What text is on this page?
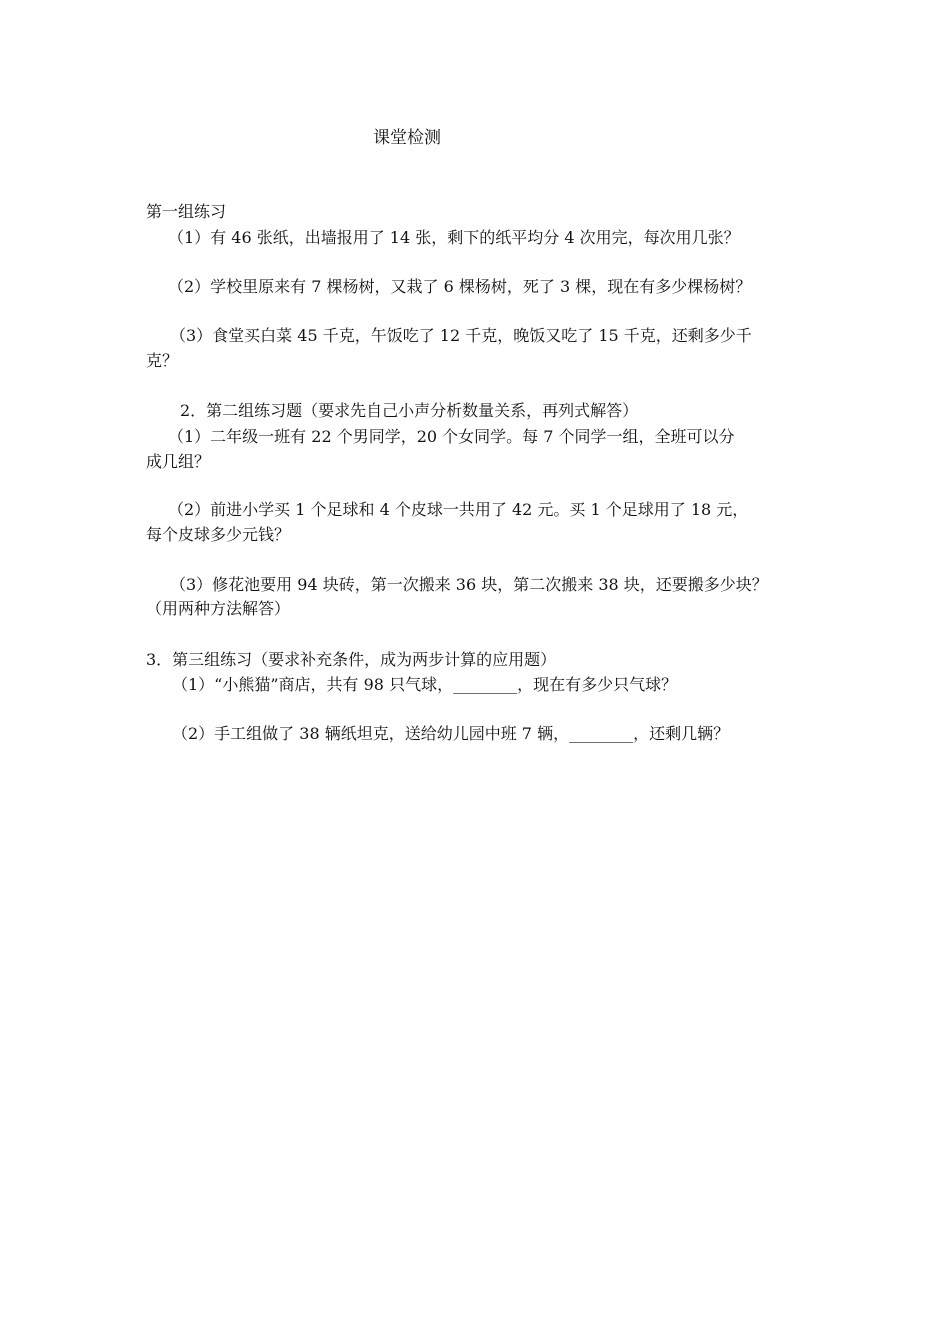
课堂检测

第一组练习

（1）有 46 张纸，出墙报用了 14 张，剩下的纸平均分 4 次用完，每次用几张？

（2）学校里原来有 7 棵杨树，又栽了 6 棵杨树，死了 3 棵，现在有多少棵杨树？

（3）食堂买白菜 45 千克，午饭吃了 12 千克，晚饭又吃了 15 千克，还剩多少千

克？

2．第二组练习题（要求先自己小声分析数量关系，再列式解答）

（1）二年级一班有 22 个男同学，20 个女同学。每 7 个同学一组，全班可以分

成几组？

（2）前进小学买 1 个足球和 4 个皮球一共用了 42 元。买 1 个足球用了 18 元，

每个皮球多少元钱？

（3）修花池要用 94 块砖，第一次搬来 36 块，第二次搬来 38 块，还要搬多少块？

（用两种方法解答）

3．第三组练习（要求补充条件，成为两步计算的应用题）

（1）“小熊猫”商店，共有 98 只气球，________，现在有多少只气球？

（2）手工组做了 38 辆纸坦克，送给幼儿园中班 7 辆，________，还剩几辆？
